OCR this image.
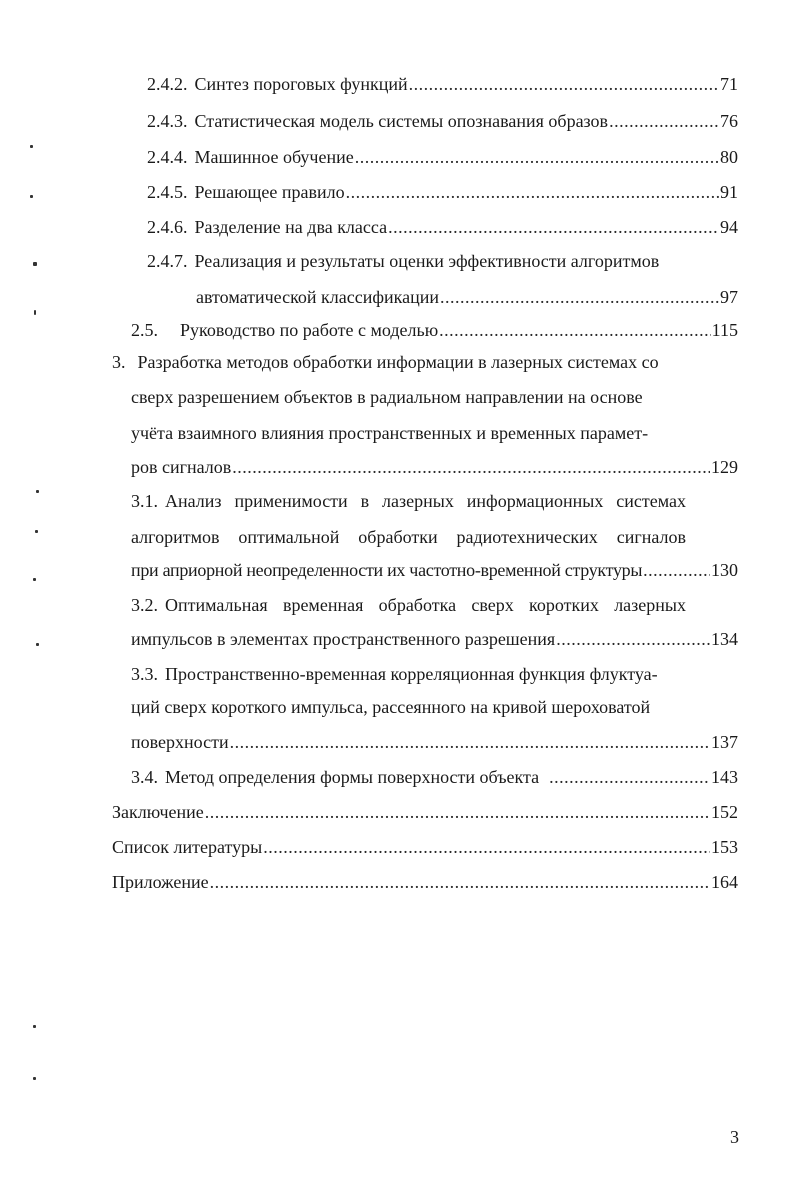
2.4.2. Синтез пороговых функций .....	71
2.4.3. Статистическая модель системы опознавания образов .....	76
2.4.4. Машинное обучение .....	80
2.4.5. Решающее правило .....	91
2.4.6. Разделение на два класса .....	94
2.4.7. Реализация и результаты оценки эффективности алгоритмов
автоматической классификации .....	97
2.5. Руководство по работе с моделью .....	115
3. Разработка методов обработки информации в лазерных системах со
сверх разрешением объектов в радиальном направлении на основе
учёта взаимного влияния пространственных и временных парамет-
ров сигналов .....	129
3.1. Анализ применимости в лазерных информационных системах
алгоритмов оптимальной обработки радиотехнических сигналов
при априорной неопределенности их частотно-временной структуры .....	130
3.2. Оптимальная временная обработка сверх коротких лазерных
импульсов в элементах пространственного разрешения .....	134
3.3. Пространственно-временная корреляционная функция флуктуа-
ций сверх короткого импульса, рассеянного на кривой шероховатой
поверхности .....	137
3.4. Метод определения формы поверхности объекта .....	143
Заключение .....	152
Список литературы .....	153
Приложение .....	164
3
